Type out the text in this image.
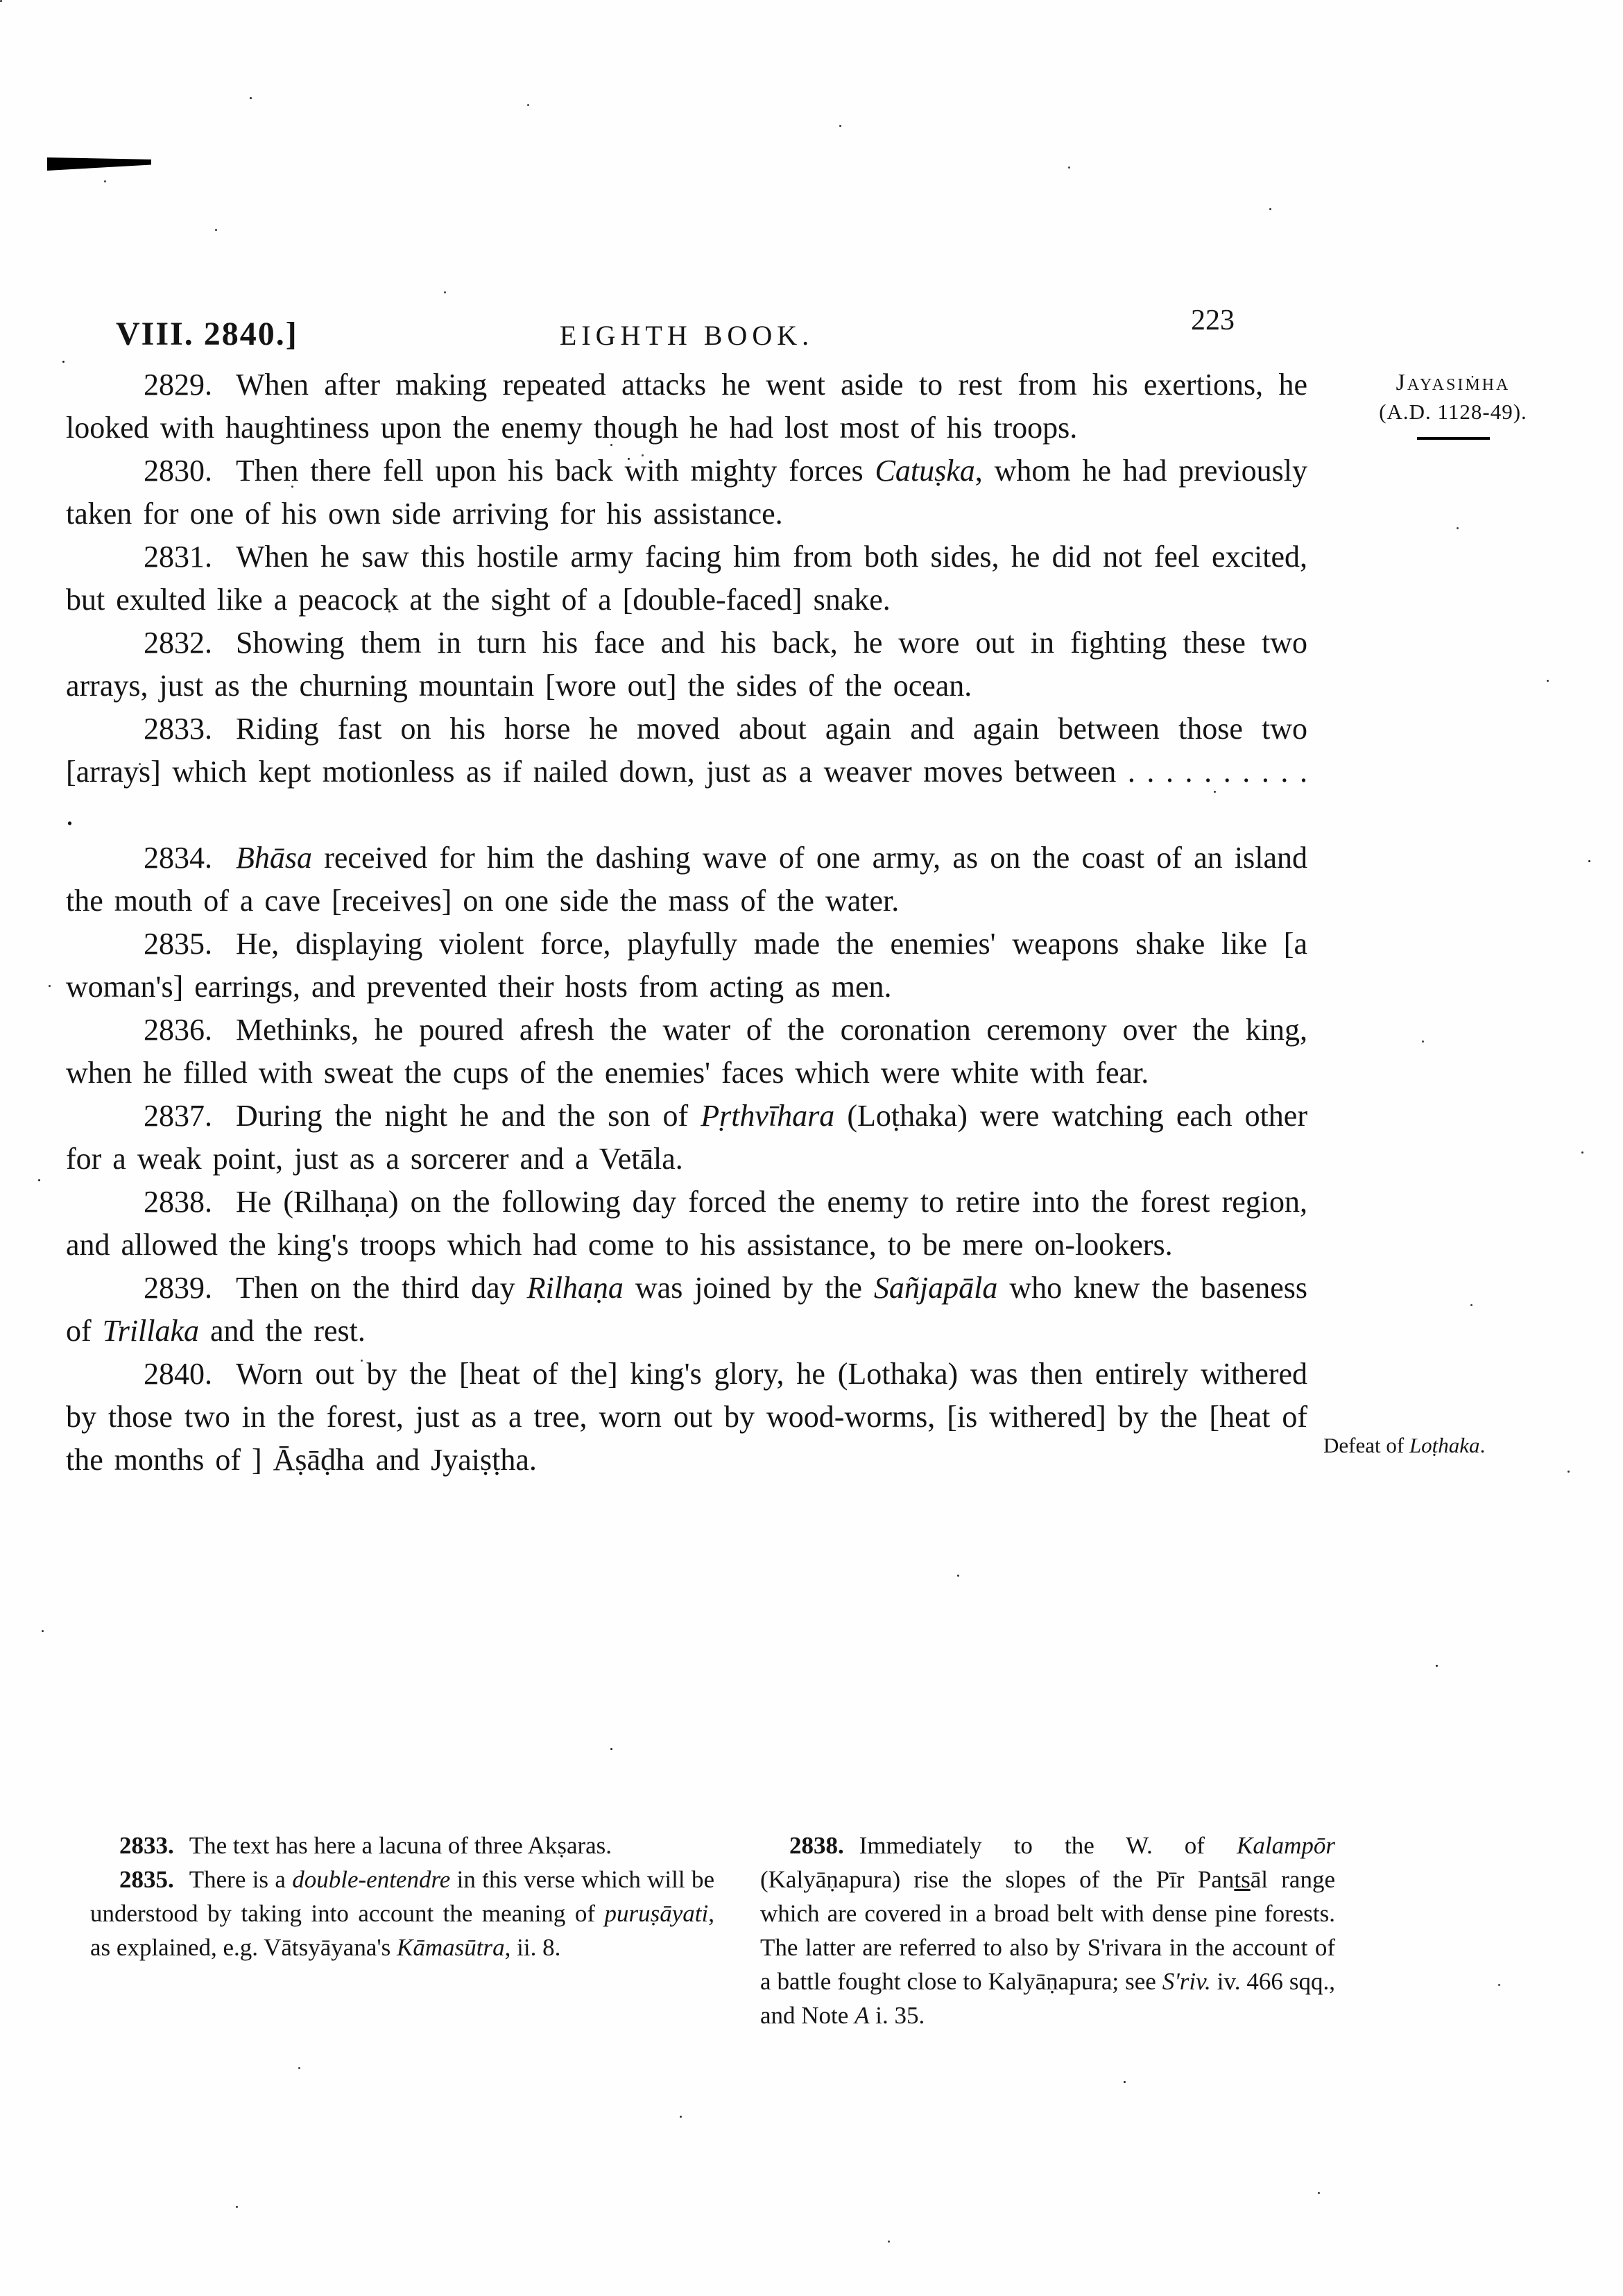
VIII. 2840.]	EIGHTH BOOK.	223
Jayasiṁha
(A.D. 1128-49).
Defeat of Loṭhaka.

2829. When after making repeated attacks he went aside to rest from his exertions, he looked with haughtiness upon the enemy though he had lost most of his troops.

2830. Then there fell upon his back with mighty forces Catuṣka, whom he had previously taken for one of his own side arriving for his assistance.

2831. When he saw this hostile army facing him from both sides, he did not feel excited, but exulted like a peacock at the sight of a [double-faced] snake.

2832. Showing them in turn his face and his back, he wore out in fighting these two arrays, just as the churning mountain [wore out] the sides of the ocean.

2833. Riding fast on his horse he moved about again and again between those two [arrays] which kept motionless as if nailed down, just as a weaver moves between . . . . . . . . . . .

2834. Bhāsa received for him the dashing wave of one army, as on the coast of an island the mouth of a cave [receives] on one side the mass of the water.

2835. He, displaying violent force, playfully made the enemies' weapons shake like [a woman's] earrings, and prevented their hosts from acting as men.

2836. Methinks, he poured afresh the water of the coronation ceremony over the king, when he filled with sweat the cups of the enemies' faces which were white with fear.

2837. During the night he and the son of Pṛthvīhara (Loṭhaka) were watching each other for a weak point, just as a sorcerer and a Vetāla.

2838. He (Rilhaṇa) on the following day forced the enemy to retire into the forest region, and allowed the king's troops which had come to his assistance, to be mere on-lookers.

2839. Then on the third day Rilhaṇa was joined by the Sañjapāla who knew the baseness of Trillaka and the rest.

2840. Worn out by the [heat of the] king's glory, he (Lothaka) was then entirely withered by those two in the forest, just as a tree, worn out by wood-worms, [is withered] by the [heat of the months of ] Āṣāḍha and Jyaiṣṭha.

2833. The text has here a lacuna of three Akṣaras.

2835. There is a double-entendre in this verse which will be understood by taking into account the meaning of puruṣāyati, as explained, e.g. Vātsyāyana's Kāmasūtra, ii. 8.

2838. Immediately to the W. of Kalampōr (Kalyāṇapura) rise the slopes of the Pīr Pantsāl range which are covered in a broad belt with dense pine forests. The latter are referred to also by S'rivara in the account of a battle fought close to Kalyāṇapura; see S'riv. iv. 466 sqq., and Note A i. 35.
